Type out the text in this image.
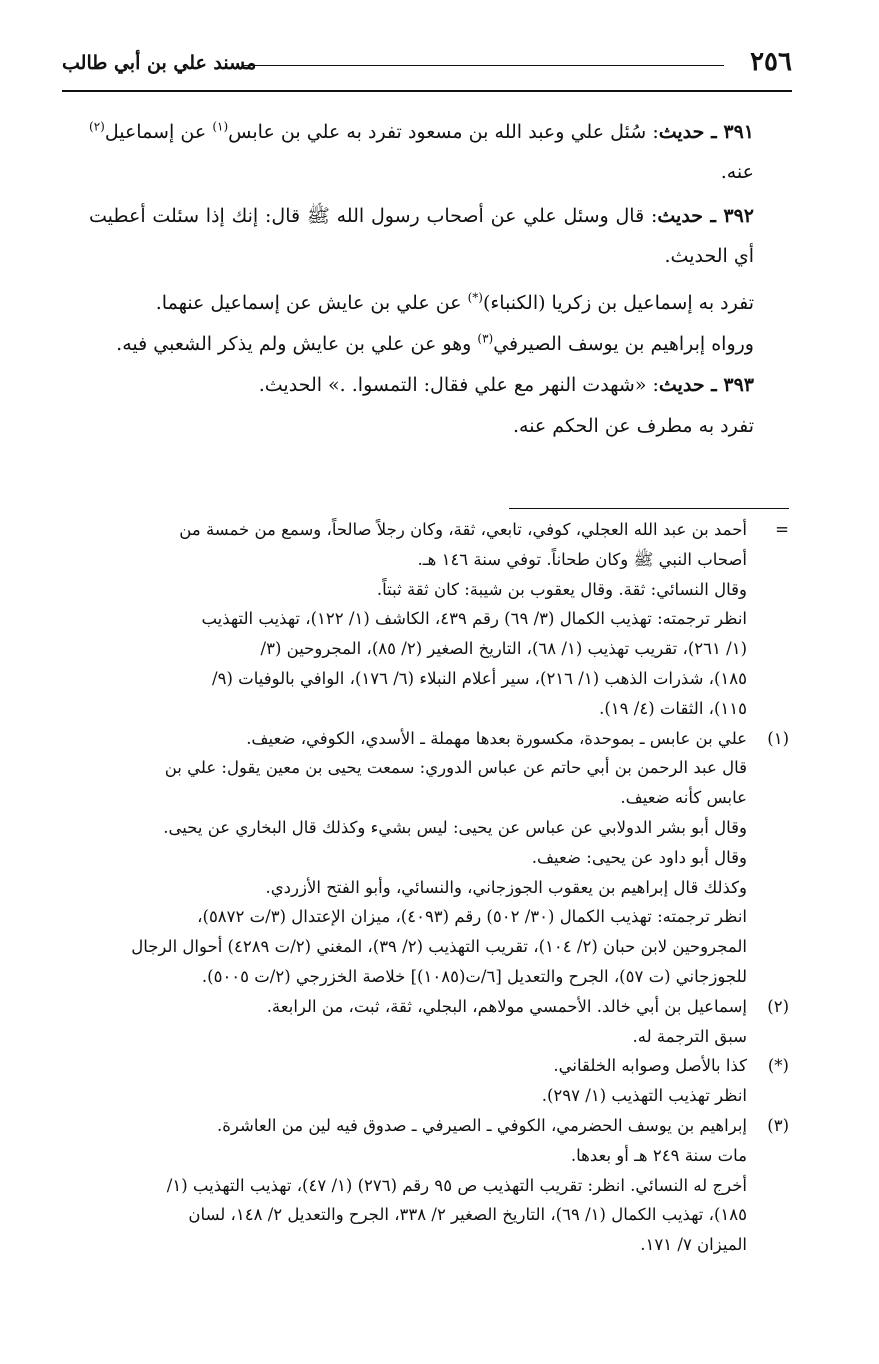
٢٥٦
مسند علي بن أبي طالب
٣٩١ ـ حديث: سُئل علي وعبد الله بن مسعود تفرد به علي بن عابس$^{(١)}$ عن إسماعيل$^{(٢)}$ عنه.
٣٩٢ ـ حديث: قال وسئل علي عن أصحاب رسول الله ﷺ قال: إنك إذا سئلت أعطيت أي الحديث.
تفرد به إسماعيل بن زكريا (الكنباء)(*) عن علي بن عايش عن إسماعيل عنهما.
ورواه إبراهيم بن يوسف الصيرفي$^{(٣)}$ وهو عن علي بن عايش ولم يذكر الشعبي فيه.
٣٩٣ ـ حديث: «شهدت النهر مع علي فقال: التمسوا. .» الحديث.
تفرد به مطرف عن الحكم عنه.
=
أحمد بن عبد الله العجلي، كوفي، تابعي، ثقة، وكان رجلاً صالحاً، وسمع من خمسة من
أصحاب النبي ﷺ وكان طحاناً. توفي سنة ١٤٦ هـ.
وقال النسائي: ثقة. وقال يعقوب بن شيبة: كان ثقة ثبتاً.
انظر ترجمته: تهذيب الكمال (٣/ ٦٩) رقم ٤٣٩، الكاشف (١/ ١٢٢)، تهذيب التهذيب
(١/ ٢٦١)، تقريب تهذيب (١/ ٦٨)، التاريخ الصغير (٢/ ٨٥)، المجروحين (٣/
١٨٥)، شذرات الذهب (١/ ٢١٦)، سير أعلام النبلاء (٦/ ١٧٦)، الوافي بالوفيات (٩/
١١٥)، الثقات (٤/ ١٩).
(١)
علي بن عابس ـ بموحدة، مكسورة بعدها مهملة ـ الأسدي، الكوفي، ضعيف.
قال عبد الرحمن بن أبي حاتم عن عباس الدوري: سمعت يحيى بن معين يقول: علي بن
عابس كأنه ضعيف.
وقال أبو بشر الدولابي عن عباس عن يحيى: ليس بشيء وكذلك قال البخاري عن يحيى.
وقال أبو داود عن يحيى: ضعيف.
وكذلك قال إبراهيم بن يعقوب الجوزجاني، والنسائي، وأبو الفتح الأزردي.
انظر ترجمته: تهذيب الكمال (٣٠/ ٥٠٢) رقم (٤٠٩٣)، ميزان الإعتدال (٣/ت ٥٨٧٢)،
المجروحين لابن حبان (٢/ ١٠٤)، تقريب التهذيب (٢/ ٣٩)، المغني (٢/ت ٤٢٨٩) أحوال الرجال
للجوزجاني (ت ٥٧)، الجرح والتعديل [٦/ت(١٠٨٥)] خلاصة الخزرجي (٢/ت ٥٠٠٥).
(٢)
إسماعيل بن أبي خالد. الأحمسي مولاهم، البجلي، ثقة، ثبت، من الرابعة.
سبق الترجمة له.
(*)
كذا بالأصل وصوابه الخلقاني.
انظر تهذيب التهذيب (١/ ٢٩٧).
(٣)
إبراهيم بن يوسف الحضرمي، الكوفي ـ الصيرفي ـ صدوق فيه لين من العاشرة.
مات سنة ٢٤٩ هـ أو بعدها.
أخرج له النسائي. انظر: تقريب التهذيب ص ٩٥ رقم (٢٧٦) (١/ ٤٧)، تهذيب التهذيب (١/
١٨٥)، تهذيب الكمال (١/ ٦٩)، التاريخ الصغير ٢/ ٣٣٨، الجرح والتعديل ٢/ ١٤٨، لسان
الميزان ٧/ ١٧١.
